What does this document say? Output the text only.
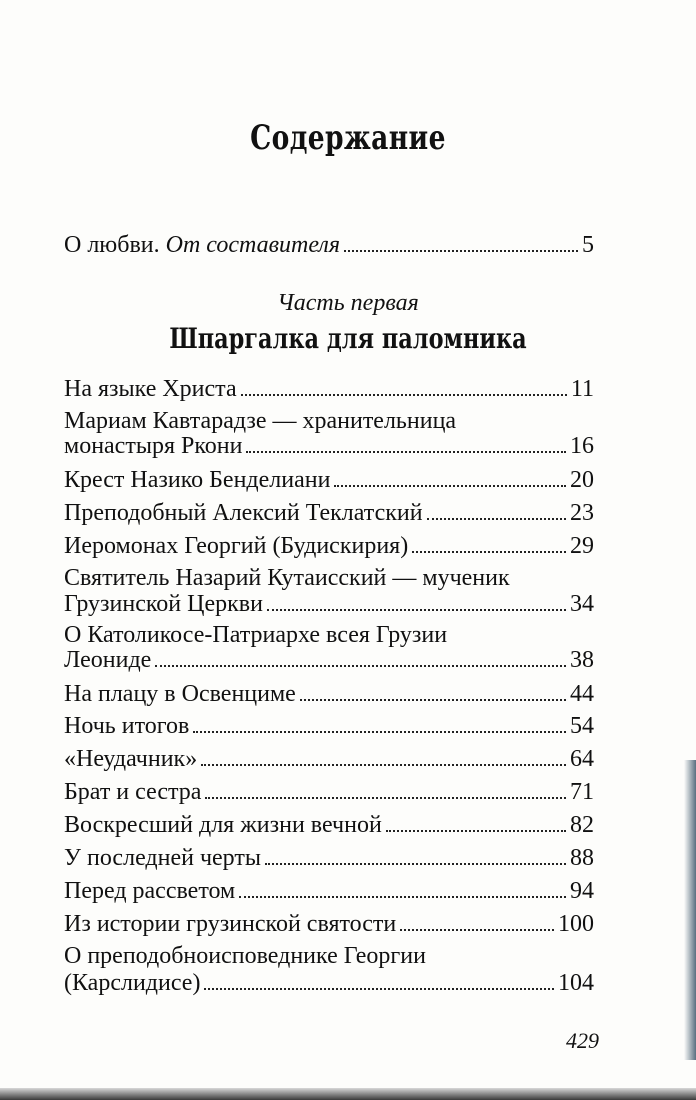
Содержание
О любви. От составителя	5
Часть первая
Шпаргалка для паломника
На языке Христа	11
Мариам Кавтарадзе — хранительница
монастыря Ркони	16
Крест Назико Бенделиани	20
Преподобный Алексий Теклатский	23
Иеромонах Георгий (Будискирия)	29
Святитель Назарий Кутаисский — мученик
Грузинской Церкви	34
О Католикосе-Патриархе всея Грузии
Леониде	38
На плацу в Освенциме	44
Ночь итогов	54
«Неудачник»	64
Брат и сестра	71
Воскресший для жизни вечной	82
У последней черты	88
Перед рассветом	94
Из истории грузинской святости	100
О преподобноисповеднике Георгии
(Карслидисе)	104
429
